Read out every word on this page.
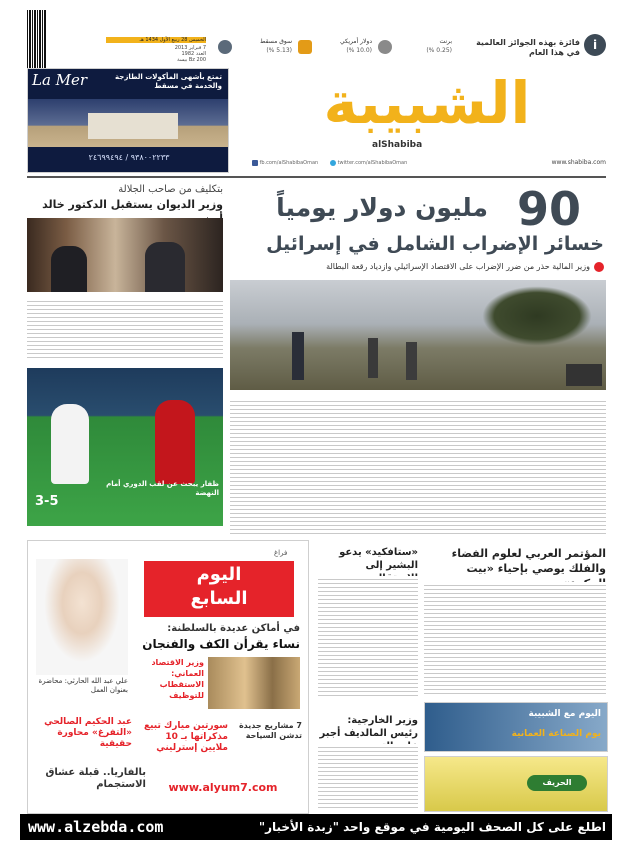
الخميس 28 ربيع الأول 1434 هـ
7 فبراير 2013
العدد 1982
Bz 200 بيسة
سوق مسقط
(5.13 %)
دولار أمريكي
(10.0 %)
برنت
(0.25 %)
فائزة بهذه الجوائز العالمية في هذا العام
i
La Mer	تمتع بأشهى المأكولات الطازجة والخدمة في مسقط
٩٣٨٠٠٢٢٣٣ / ٢٤٦٩٩٤٩٤
الشبيبة
alShabiba
fb.com/alShabibaOman	twitter.com/alShabibaOman	www.shabiba.com
بتكليف من صاحب الجلالة
وزير الديوان يستقبل الدكتور خالد
ظفار يبحث عن لقب الدوري أمام النهضة
3-5
90
مليون دولار يومياً
خسائر الإضراب الشامل في إسرائيل
وزير المالية حذر من ضرر الإضراب على الاقتصاد الإسرائيلي وازدياد رقعة البطالة
فراغ
اليوم
السابع
في أماكن عديدة بالسلطنة:
نساء يقرأن الكف والفنجان
وزير الاقتصاد العماني: الاستقطاب للتوظيف
علي عبد الله الحارثي: محاضرة بعنوان العمل
عبد الحكيم الصالحي «التفرغ» محاورة حقيقية
سورتين ميارك تبيع مذكراتها بـ 10 ملايين إسترليني
7 مشاريع جديدة تدشن السياحة
بالفاريا.. قبلة عشاق الاستجمام	www.alyum7.com
«ستافكيد» يدعو البشير إلى
وزير الخارجية: رئيس المالديف أجبر
المؤتمر العربي لعلوم الفضاء والفلك يوصي بإحياء «بيت
اليوم مع الشبيبة
يوم الصناعة العمانية
الحريف
www.alzebda.com	اطلع على كل الصحف اليومية في موقع واحد "زبدة الأخبار"
